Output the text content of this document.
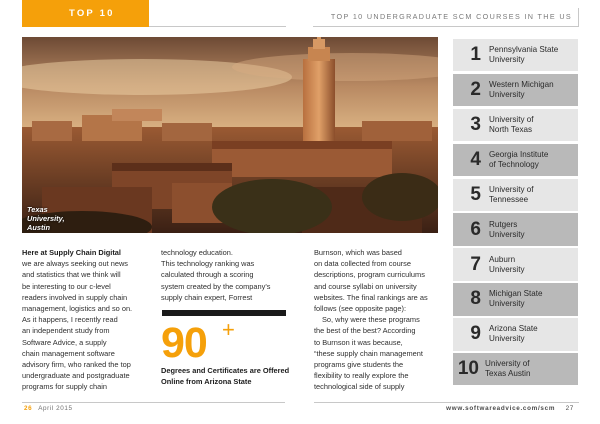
TOP 10	TOP 10 UNDERGRADUATE SCM COURSES IN THE US
Texas
University,
Austin
Here at Supply Chain Digital
we are always seeking out news
and statistics that we think will
be interesting to our c-level
readers involved in supply chain
management, logistics and so on.
As it happens, I recently read
an independent study from
Software Advice, a supply
chain management software
advisory firm, who ranked the top
undergraduate and postgraduate
programs for supply chain
technology education.
This technology ranking was
calculated through a scoring
system created by the company's
supply chain expert, Forrest
90 +
Degrees and Certificates are Offered
Online from Arizona State
Burnson, which was based
on data collected from course
descriptions, program curriculums
and course syllabi on university
websites. The final rankings are as
follows (see opposite page):
So, why were these programs
the best of the best? According
to Burnson it was because,
“these supply chain management
programs give students the
flexibility to really explore the
technological side of supply
1 Pennsylvania State
University
2 Western Michigan
University
3 University of
North Texas
4 Georgia Institute
of Technology
5 University of
Tennessee
6 Rutgers
University
7 Auburn
University
8 Michigan State
University
9 Arizona State
University
10 University of
Texas Austin
26 April 2015	www.softwareadvice.com/scm 27
